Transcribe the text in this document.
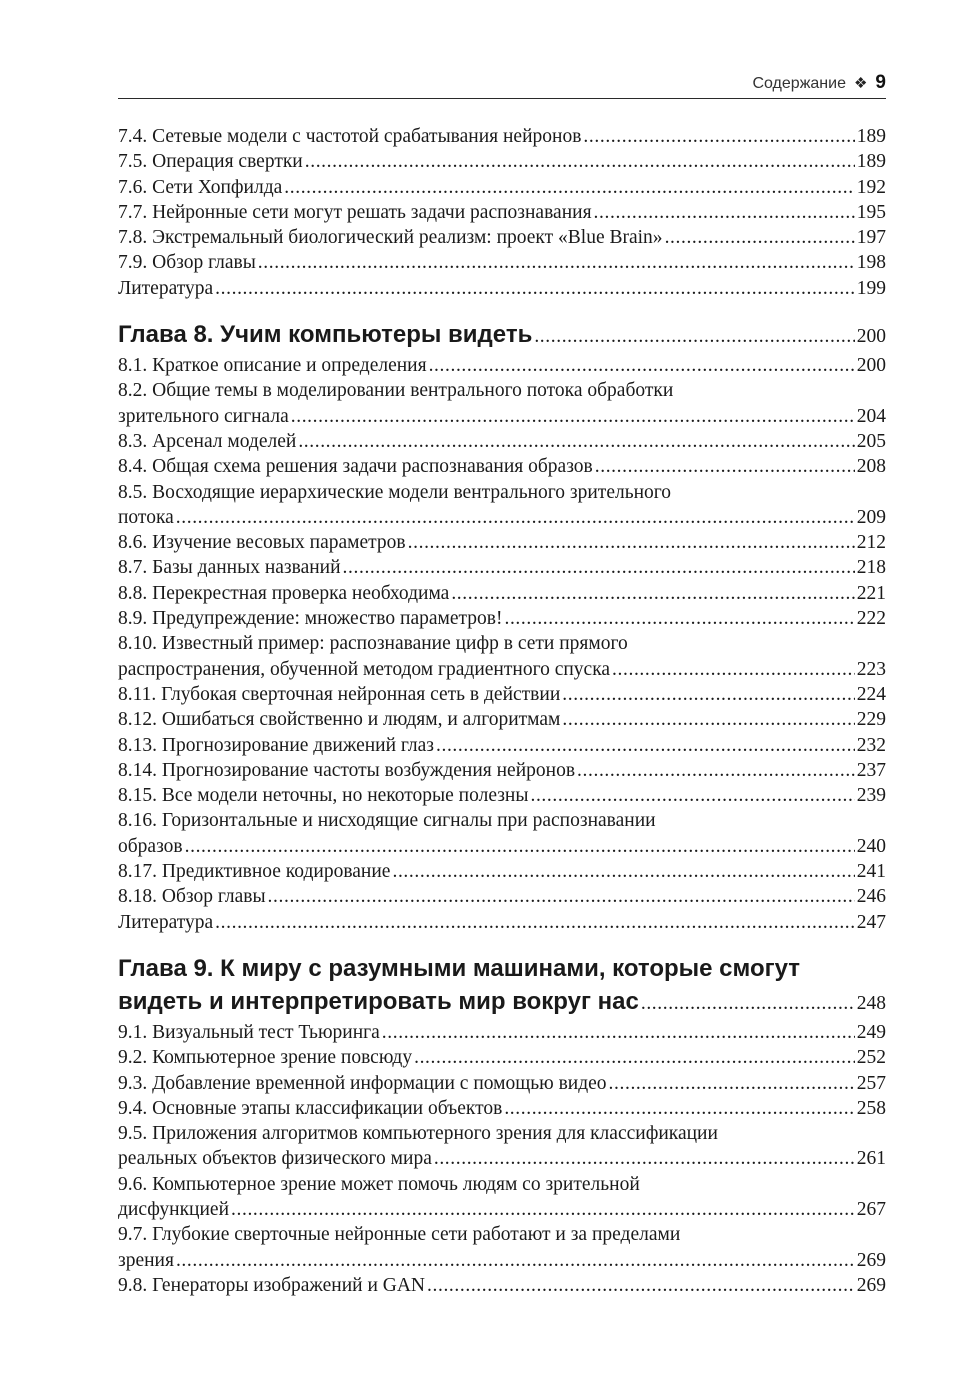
Содержание ❖ 9
7.4. Сетевые модели с частотой срабатывания нейронов .....	189
7.5. Операция свертки .....	189
7.6. Сети Хопфилда .....	192
7.7. Нейронные сети могут решать задачи распознавания .....	195
7.8. Экстремальный биологический реализм: проект «Blue Brain» .....	197
7.9. Обзор главы .....	198
Литература .....	199
Глава 8. Учим компьютеры видеть .....	200
8.1. Краткое описание и определения .....	200
8.2. Общие темы в моделировании вентрального потока обработки
зрительного сигнала .....	204
8.3. Арсенал моделей .....	205
8.4. Общая схема решения задачи распознавания образов .....	208
8.5. Восходящие иерархические модели вентрального зрительного
потока .....	209
8.6. Изучение весовых параметров .....	212
8.7. Базы данных названий .....	218
8.8. Перекрестная проверка необходима .....	221
8.9. Предупреждение: множество параметров! .....	222
8.10. Известный пример: распознавание цифр в сети прямого
распространения, обученной методом градиентного спуска .....	223
8.11. Глубокая сверточная нейронная сеть в действии .....	224
8.12. Ошибаться свойственно и людям, и алгоритмам .....	229
8.13. Прогнозирование движений глаз .....	232
8.14. Прогнозирование частоты возбуждения нейронов .....	237
8.15. Все модели неточны, но некоторые полезны .....	239
8.16. Горизонтальные и нисходящие сигналы при распознавании
образов .....	240
8.17. Предиктивное кодирование .....	241
8.18. Обзор главы .....	246
Литература .....	247
Глава 9. К миру с разумными машинами, которые смогут
видеть и интерпретировать мир вокруг нас .....	248
9.1. Визуальный тест Тьюринга .....	249
9.2. Компьютерное зрение повсюду .....	252
9.3. Добавление временной информации с помощью видео .....	257
9.4. Основные этапы классификации объектов .....	258
9.5. Приложения алгоритмов компьютерного зрения для классификации
реальных объектов физического мира .....	261
9.6. Компьютерное зрение может помочь людям со зрительной
дисфункцией .....	267
9.7. Глубокие сверточные нейронные сети работают и за пределами
зрения .....	269
9.8. Генераторы изображений и GAN .....	269
